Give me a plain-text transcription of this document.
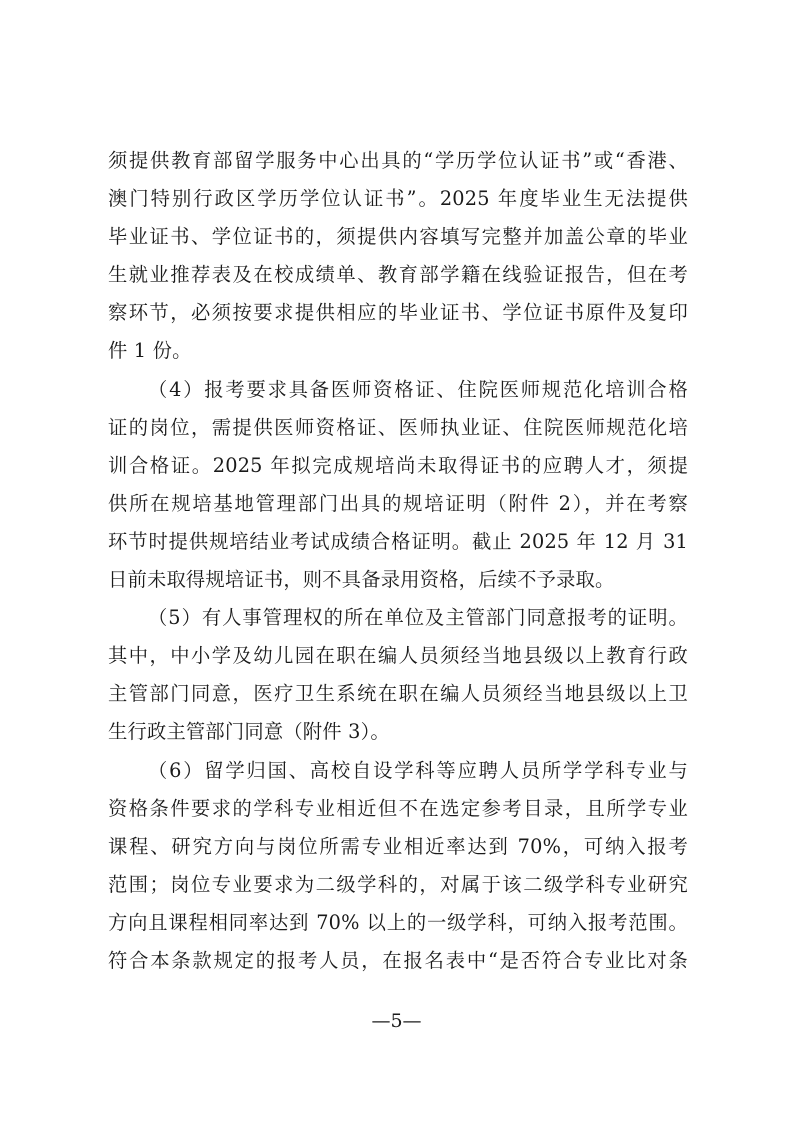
须提供教育部留学服务中心出具的“学历学位认证书”或“香港、
澳门特别行政区学历学位认证书”。2025 年度毕业生无法提供
毕业证书、学位证书的，须提供内容填写完整并加盖公章的毕业
生就业推荐表及在校成绩单、教育部学籍在线验证报告，但在考
察环节，必须按要求提供相应的毕业证书、学位证书原件及复印
件 1 份。
（4）报考要求具备医师资格证、住院医师规范化培训合格
证的岗位，需提供医师资格证、医师执业证、住院医师规范化培
训合格证。2025 年拟完成规培尚未取得证书的应聘人才，须提
供所在规培基地管理部门出具的规培证明（附件 2），并在考察
环节时提供规培结业考试成绩合格证明。截止 2025 年 12 月 31
日前未取得规培证书，则不具备录用资格，后续不予录取。
（5）有人事管理权的所在单位及主管部门同意报考的证明。
其中，中小学及幼儿园在职在编人员须经当地县级以上教育行政
主管部门同意，医疗卫生系统在职在编人员须经当地县级以上卫
生行政主管部门同意（附件 3）。
（6）留学归国、高校自设学科等应聘人员所学学科专业与
资格条件要求的学科专业相近但不在选定参考目录，且所学专业
课程、研究方向与岗位所需专业相近率达到 70%，可纳入报考
范围；岗位专业要求为二级学科的，对属于该二级学科专业研究
方向且课程相同率达到 70% 以上的一级学科，可纳入报考范围。
符合本条款规定的报考人员，在报名表中“是否符合专业比对条
—5—
